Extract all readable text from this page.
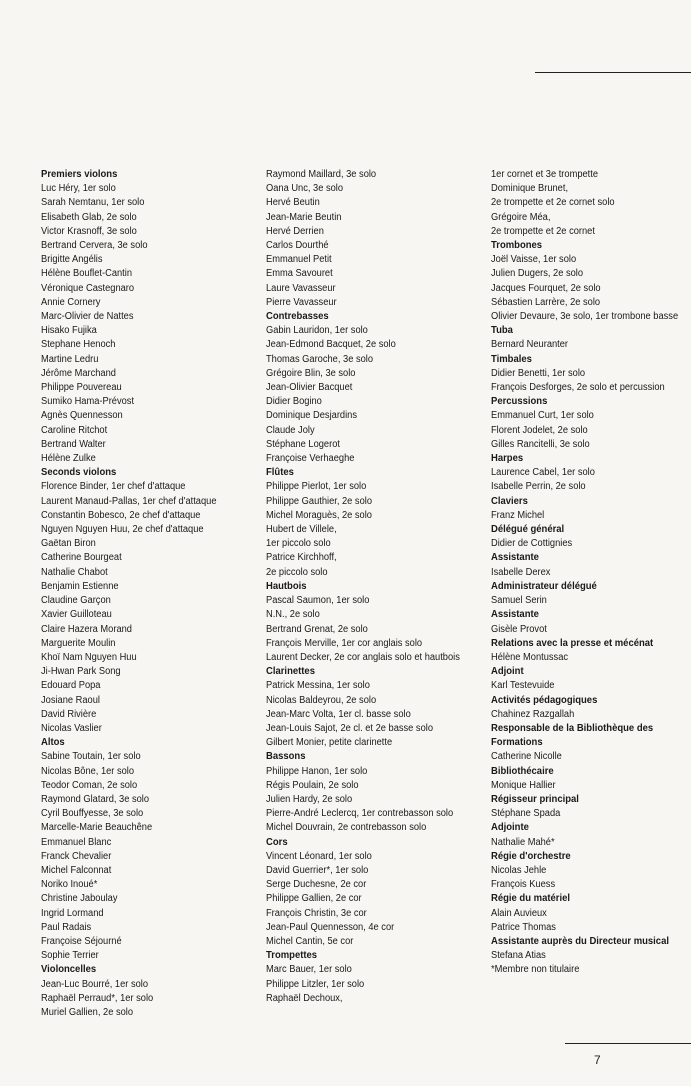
Premiers violons
Luc Héry, 1er solo
Sarah Nemtanu, 1er solo
Elisabeth Glab, 2e solo
Victor Krasnoff, 3e solo
Bertrand Cervera, 3e solo
Brigitte Angélis
Hélène Bouflet-Cantin
Véronique Castegnaro
Annie Cornery
Marc-Olivier de Nattes
Hisako Fujika
Stephane Henoch
Martine Ledru
Jérôme Marchand
Philippe Pouvereau
Sumiko Hama-Prévost
Agnès Quennesson
Caroline Ritchot
Bertrand Walter
Hélène Zulke
Seconds violons
Florence Binder, 1er chef d'attaque
Laurent Manaud-Pallas, 1er chef d'attaque
Constantin Bobesco, 2e chef d'attaque
Nguyen Nguyen Huu, 2e chef d'attaque
Gaëtan Biron
Catherine Bourgeat
Nathalie Chabot
Benjamin Estienne
Claudine Garçon
Xavier Guilloteau
Claire Hazera Morand
Marguerite Moulin
Khoï Nam Nguyen Huu
Ji-Hwan Park Song
Edouard Popa
Josiane Raoul
David Rivière
Nicolas Vaslier
Altos
Sabine Toutain, 1er solo
Nicolas Bône, 1er solo
Teodor Coman, 2e solo
Raymond Glatard, 3e solo
Cyril Bouffyesse, 3e solo
Marcelle-Marie Beauchêne
Emmanuel Blanc
Franck Chevalier
Michel Falconnat
Noriko Inoué*
Christine Jaboulay
Ingrid Lormand
Paul Radais
Françoise Séjourné
Sophie Terrier
Violoncelles
Jean-Luc Bourré, 1er solo
Raphaël Perraud*, 1er solo
Muriel Gallien, 2e solo
Raymond Maillard, 3e solo
Oana Unc, 3e solo
Hervé Beutin
Jean-Marie Beutin
Hervé Derrien
Carlos Dourthé
Emmanuel Petit
Emma Savouret
Laure Vavasseur
Pierre Vavasseur
Contrebasses
Gabin Lauridon, 1er solo
Jean-Edmond Bacquet, 2e solo
Thomas Garoche, 3e solo
Grégoire Blin, 3e solo
Jean-Olivier Bacquet
Didier Bogino
Dominique Desjardins
Claude Joly
Stéphane Logerot
Françoise Verhaeghe
Flûtes
Philippe Pierlot, 1er solo
Philippe Gauthier, 2e solo
Michel Moraguès, 2e solo
Hubert de Villele,
1er piccolo solo
Patrice Kirchhoff,
2e piccolo solo
Hautbois
Pascal Saumon, 1er solo
N.N., 2e solo
Bertrand Grenat, 2e solo
François Merville, 1er cor anglais solo
Laurent Decker, 2e cor anglais solo et hautbois
Clarinettes
Patrick Messina, 1er solo
Nicolas Baldeyrou, 2e solo
Jean-Marc Volta, 1er cl. basse solo
Jean-Louis Sajot, 2e cl. et 2e basse solo
Gilbert Monier, petite clarinette
Bassons
Philippe Hanon, 1er solo
Régis Poulain, 2e solo
Julien Hardy, 2e solo
Pierre-André Leclercq, 1er contrebasson solo
Michel Douvrain, 2e contrebasson solo
Cors
Vincent Léonard, 1er solo
David Guerrier*, 1er solo
Serge Duchesne, 2e cor
Philippe Gallien, 2e cor
François Christin, 3e cor
Jean-Paul Quennesson, 4e cor
Michel Cantin, 5e cor
Trompettes
Marc Bauer, 1er solo
Philippe Litzler, 1er solo
Raphaël Dechoux,
1er cornet et 3e trompette
Dominique Brunet,
2e trompette et 2e cornet solo
Grégoire Méa,
2e trompette et 2e cornet
Trombones
Joël Vaisse, 1er solo
Julien Dugers, 2e solo
Jacques Fourquet, 2e solo
Sébastien Larrère, 2e solo
Olivier Devaure, 3e solo, 1er trombone basse
Tuba
Bernard Neuranter
Timbales
Didier Benetti, 1er solo
François Desforges, 2e solo et percussion
Percussions
Emmanuel Curt, 1er solo
Florent Jodelet, 2e solo
Gilles Rancitelli, 3e solo
Harpes
Laurence Cabel, 1er solo
Isabelle Perrin, 2e solo
Claviers
Franz Michel
Délégué général
Didier de Cottignies
Assistante
Isabelle Derex
Administrateur délégué
Samuel Serin
Assistante
Gisèle Provot
Relations avec la presse et mécénat
Hélène Montussac
Adjoint
Karl Testevuide
Activités pédagogiques
Chahinez Razgallah
Responsable de la Bibliothèque des Formations
Catherine Nicolle
Bibliothécaire
Monique Hallier
Régisseur principal
Stéphane Spada
Adjointe
Nathalie Mahé*
Régie d'orchestre
Nicolas Jehle
François Kuess
Régie du matériel
Alain Auvieux
Patrice Thomas
Assistante auprès du Directeur musical
Stefana Atias
*Membre non titulaire
7
